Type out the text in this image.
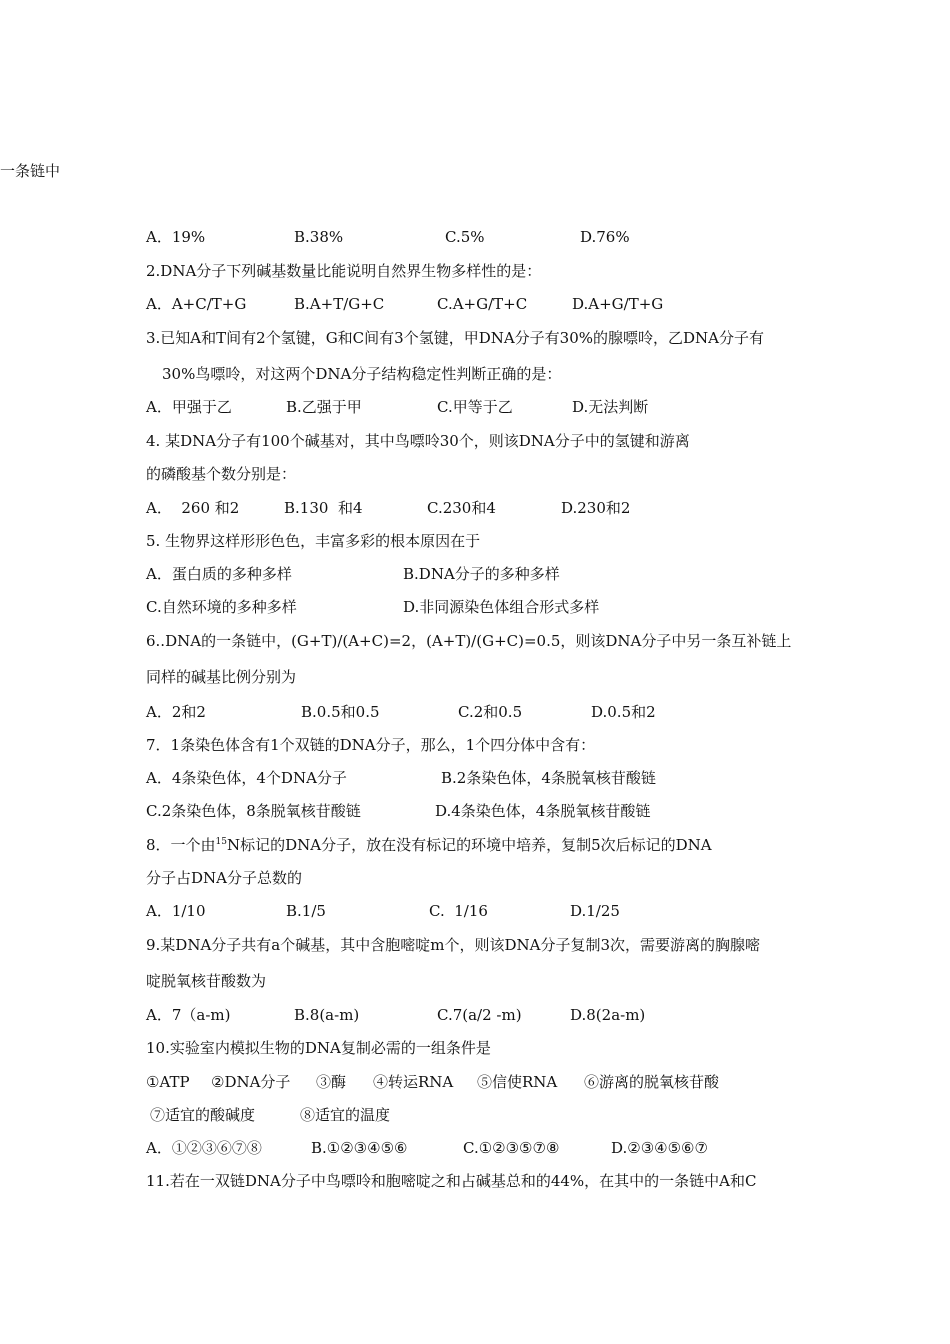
一条链中
A．19%	B.38%	C.5%	D.76%
2.DNA分子下列碱基数量比能说明自然界生物多样性的是：
A．A+C/T+G	B.A+T/G+C	C.A+G/T+C	D.A+G/T+G
3.已知A和T间有2个氢键，G和C间有3个氢键，甲DNA分子有30%的腺嘌呤，乙DNA分子有
30%鸟嘌呤，对这两个DNA分子结构稳定性判断正确的是：
A．甲强于乙	B.乙强于甲	C.甲等于乙	D.无法判断
4. 某DNA分子有100个碱基对，其中鸟嘌呤30个，则该DNA分子中的氢键和游离
的磷酸基个数分别是：
A．  260 和2	B.130  和4	C.230和4	D.230和2
5. 生物界这样形形色色，丰富多彩的根本原因在于
A．蛋白质的多种多样	B.DNA分子的多种多样
C.自然环境的多种多样	D.非同源染色体组合形式多样
6..DNA的一条链中，(G+T)/(A+C)=2，(A+T)/(G+C)=0.5，则该DNA分子中另一条互补链上
同样的碱基比例分别为
A．2和2	B.0.5和0.5	C.2和0.5	D.0.5和2
7．1条染色体含有1个双链的DNA分子，那么，1个四分体中含有：
A．4条染色体，4个DNA分子	B.2条染色体，4条脱氧核苷酸链
C.2条染色体，8条脱氧核苷酸链	D.4条染色体，4条脱氧核苷酸链
8．一个由$^{15}$N标记的DNA分子，放在没有标记的环境中培养，复制5次后标记的DNA
分子占DNA分子总数的
A．1/10	B.1/5	C.  1/16	D.1/25
9.某DNA分子共有a个碱基，其中含胞嘧啶m个，则该DNA分子复制3次，需要游离的胸腺嘧
啶脱氧核苷酸数为
A．7（a-m)	B.8(a-m)	C.7(a/2 -m)	D.8(2a-m)
10.实验室内模拟生物的DNA复制必需的一组条件是
①ATP ②DNA分子 ③酶 ④转运RNA ⑤信使RNA ⑥游离的脱氧核苷酸
⑦适宜的酸碱度	⑧适宜的温度
A．①②③⑥⑦⑧	B.①②③④⑤⑥	C.①②③⑤⑦⑧	D.②③④⑤⑥⑦
11.若在一双链DNA分子中鸟嘌呤和胞嘧啶之和占碱基总和的44%，在其中的一条链中A和C
